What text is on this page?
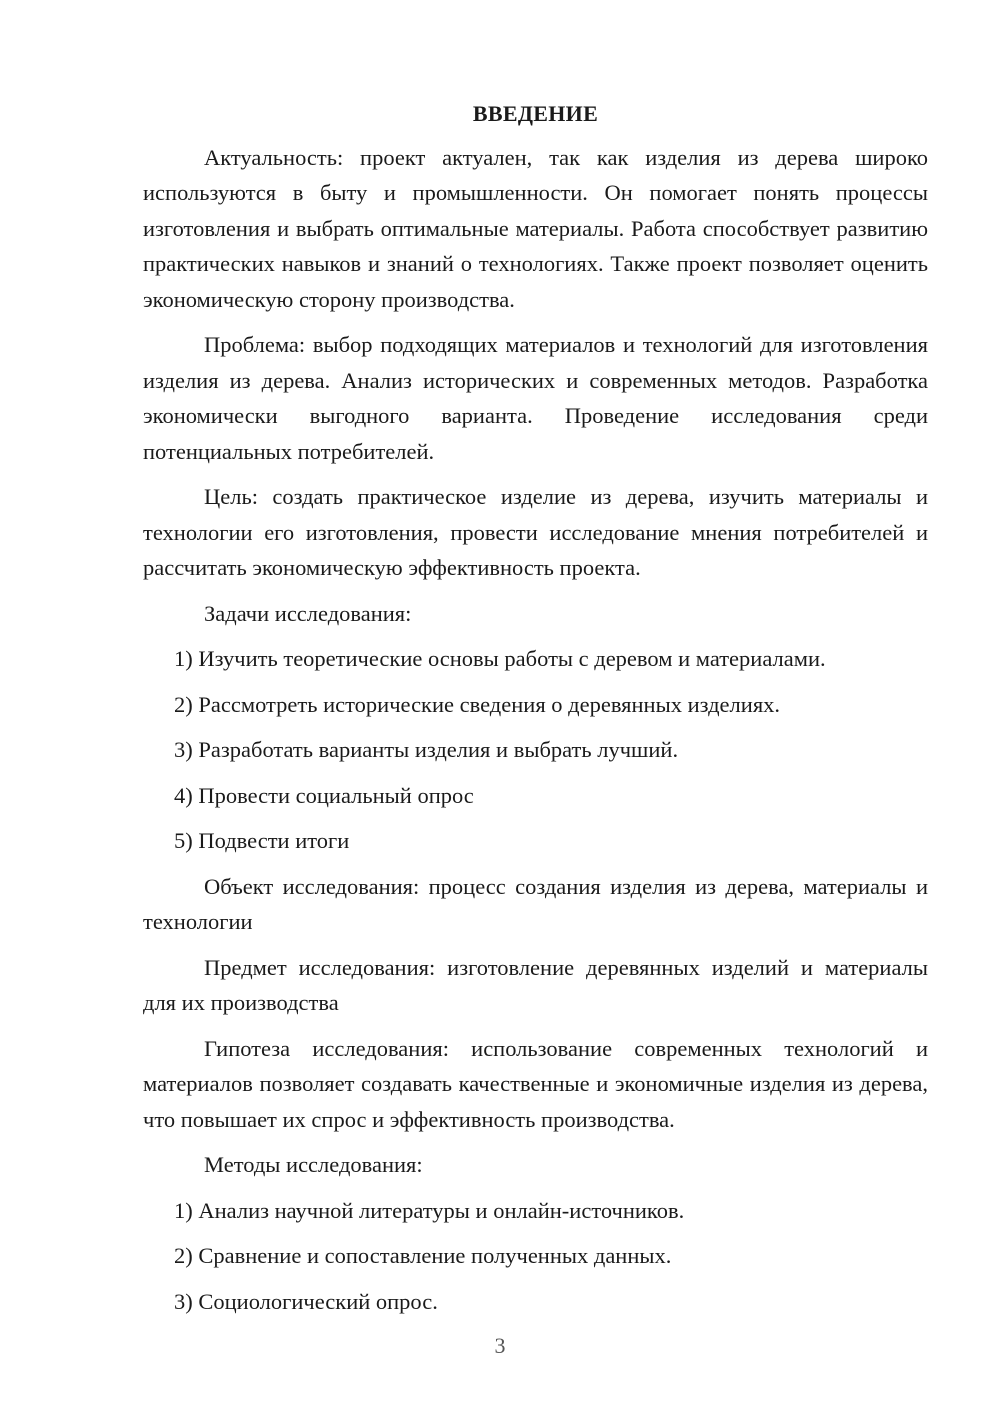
ВВЕДЕНИЕ

Актуальность: проект актуален, так как изделия из дерева широко используются в быту и промышленности. Он помогает понять процессы изготовления и выбрать оптимальные материалы. Работа способствует развитию практических навыков и знаний о технологиях. Также проект позволяет оценить экономическую сторону производства.

Проблема: выбор подходящих материалов и технологий для изготовления изделия из дерева. Анализ исторических и современных методов. Разработка экономически выгодного варианта. Проведение исследования среди потенциальных потребителей.

Цель: создать практическое изделие из дерева, изучить материалы и технологии его изготовления, провести исследование мнения потребителей и рассчитать экономическую эффективность проекта.

Задачи исследования:

1) Изучить теоретические основы работы с деревом и материалами.

2) Рассмотреть исторические сведения о деревянных изделиях.

3) Разработать варианты изделия и выбрать лучший.

4) Провести социальный опрос

5) Подвести итоги

Объект исследования: процесс создания изделия из дерева, материалы и технологии

Предмет исследования: изготовление деревянных изделий и материалы для их производства

Гипотеза исследования: использование современных технологий и материалов позволяет создавать качественные и экономичные изделия из дерева, что повышает их спрос и эффективность производства.

Методы исследования:

1) Анализ научной литературы и онлайн-источников.

2) Сравнение и сопоставление полученных данных.

3) Социологический опрос.

3
